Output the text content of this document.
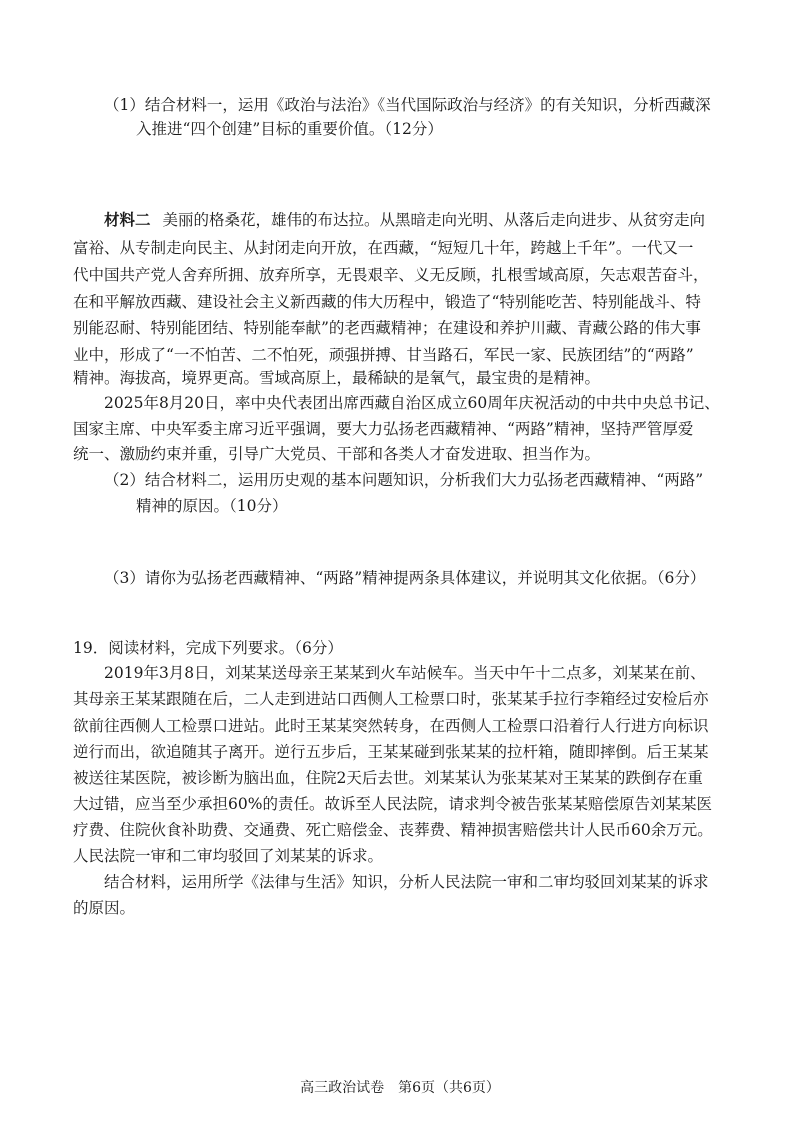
（1）结合材料一，运用《政治与法治》《当代国际政治与经济》的有关知识，分析西藏深
入推进“四个创建”目标的重要价值。（12分）
材料二 美丽的格桑花，雄伟的布达拉。从黑暗走向光明、从落后走向进步、从贫穷走向
富裕、从专制走向民主、从封闭走向开放，在西藏，“短短几十年，跨越上千年”。一代又一
代中国共产党人舍弃所拥、放弃所享，无畏艰辛、义无反顾，扎根雪域高原，矢志艰苦奋斗，
在和平解放西藏、建设社会主义新西藏的伟大历程中，锻造了“特别能吃苦、特别能战斗、特
别能忍耐、特别能团结、特别能奉献”的老西藏精神；在建设和养护川藏、青藏公路的伟大事
业中，形成了“一不怕苦、二不怕死，顽强拼搏、甘当路石，军民一家、民族团结”的“两路”
精神。海拔高，境界更高。雪域高原上，最稀缺的是氧气，最宝贵的是精神。
2025年8月20日，率中央代表团出席西藏自治区成立60周年庆祝活动的中共中央总书记、
国家主席、中央军委主席习近平强调，要大力弘扬老西藏精神、“两路”精神，坚持严管厚爱
统一、激励约束并重，引导广大党员、干部和各类人才奋发进取、担当作为。
（2）结合材料二，运用历史观的基本问题知识，分析我们大力弘扬老西藏精神、“两路”
精神的原因。（10分）
（3）请你为弘扬老西藏精神、“两路”精神提两条具体建议，并说明其文化依据。（6分）
19．阅读材料，完成下列要求。（6分）
2019年3月8日，刘某某送母亲王某某到火车站候车。当天中午十二点多，刘某某在前、
其母亲王某某跟随在后，二人走到进站口西侧人工检票口时，张某某手拉行李箱经过安检后亦
欲前往西侧人工检票口进站。此时王某某突然转身，在西侧人工检票口沿着行人行进方向标识
逆行而出，欲追随其子离开。逆行五步后，王某某碰到张某某的拉杆箱，随即摔倒。后王某某
被送往某医院，被诊断为脑出血，住院2天后去世。刘某某认为张某某对王某某的跌倒存在重
大过错，应当至少承担60%的责任。故诉至人民法院，请求判令被告张某某赔偿原告刘某某医
疗费、住院伙食补助费、交通费、死亡赔偿金、丧葬费、精神损害赔偿共计人民币60余万元。
人民法院一审和二审均驳回了刘某某的诉求。
结合材料，运用所学《法律与生活》知识，分析人民法院一审和二审均驳回刘某某的诉求
的原因。
高三政治试卷　第6页（共6页）
